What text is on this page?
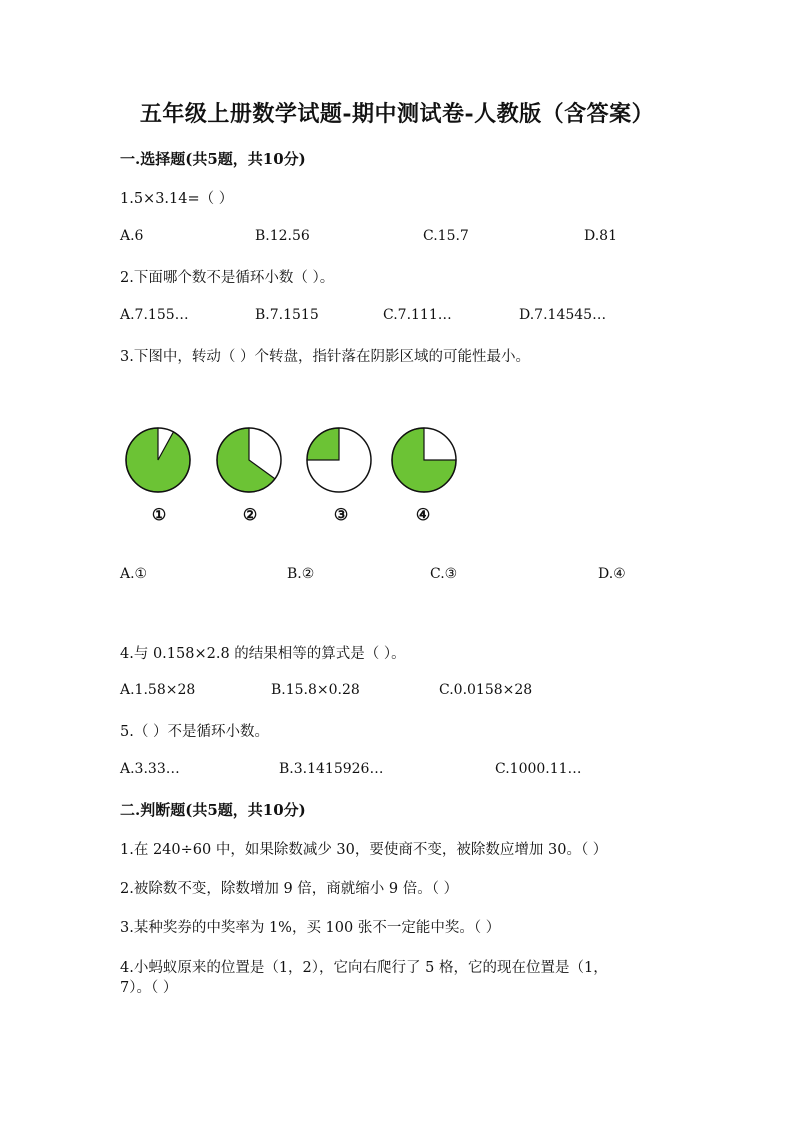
五年级上册数学试题-期中测试卷-人教版（含答案）
一.选择题(共5题，共10分)
1.5×3.14=（ ）
A.6	B.12.56	C.15.7	D.81
2.下面哪个数不是循环小数（ ）。
A.7.155…	B.7.1515	C.7.111…	D.7.14545…
3.下图中，转动（ ）个转盘，指针落在阴影区域的可能性最小。
①	②	③	④
A.①	B.②	C.③	D.④
4.与 0.158×2.8 的结果相等的算式是（ ）。
A.1.58×28	B.15.8×0.28	C.0.0158×28
5.（ ）不是循环小数。
A.3.33…	B.3.1415926…	C.1000.11…
二.判断题(共5题，共10分)
1.在 240÷60 中，如果除数减少 30，要使商不变，被除数应增加 30。（ ）
2.被除数不变，除数增加 9 倍，商就缩小 9 倍。（ ）
3.某种奖券的中奖率为 1%，买 100 张不一定能中奖。（ ）
4.小蚂蚁原来的位置是（1，2），它向右爬行了 5 格，它的现在位置是（1，
7）。（ ）
